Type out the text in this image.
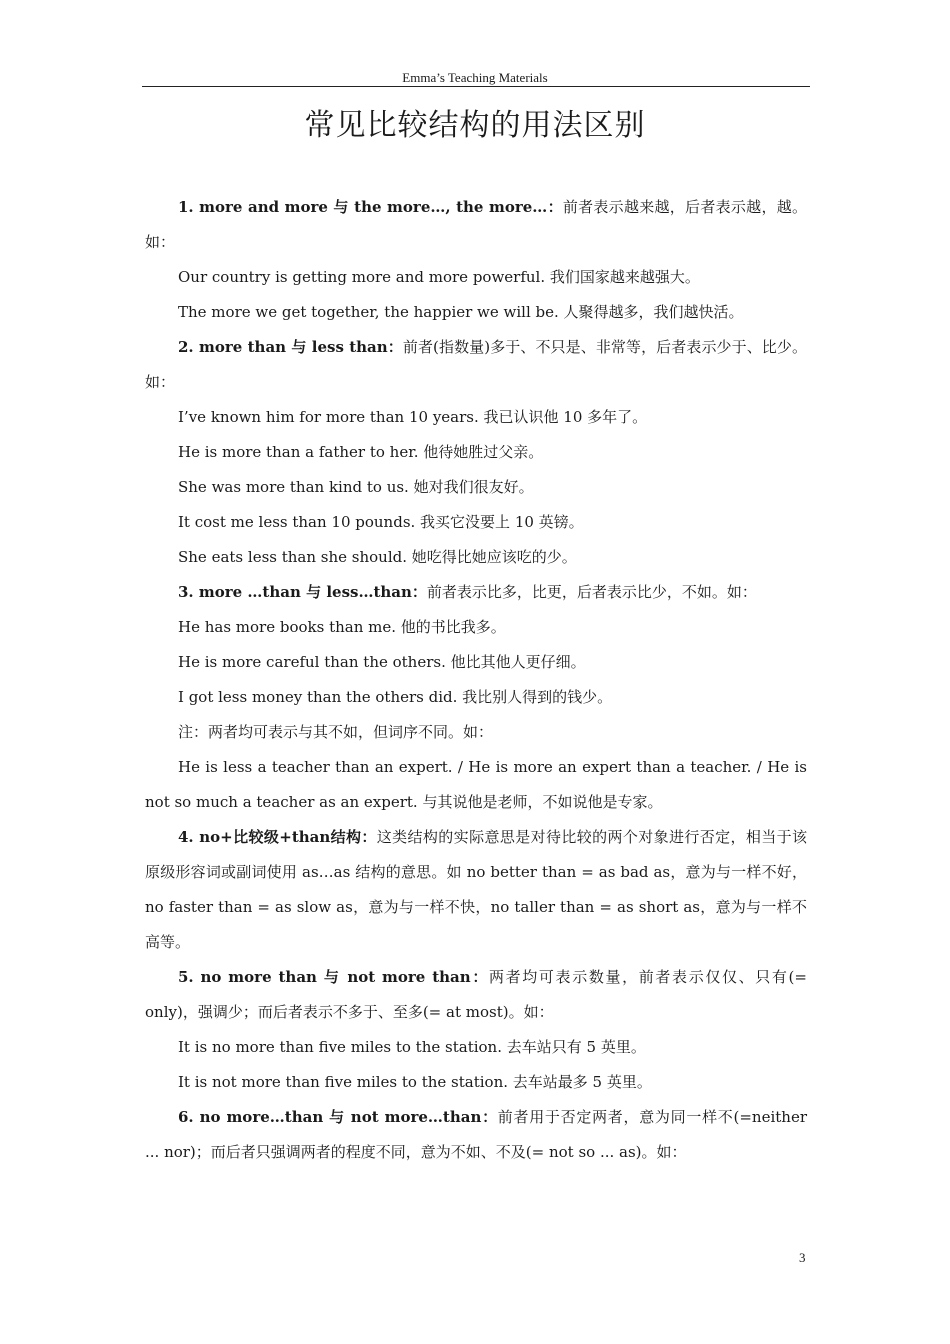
Emma’s Teaching Materials
常见比较结构的用法区别

1. more and more 与 the more…, the more…：前者表示越来越，后者表示越，越。如：

Our country is getting more and more powerful. 我们国家越来越强大。

The more we get together, the happier we will be. 人聚得越多，我们越快活。

2. more than 与 less than：前者(指数量)多于、不只是、非常等，后者表示少于、比少。如：

I’ve known him for more than 10 years. 我已认识他 10 多年了。

He is more than a father to her. 他待她胜过父亲。

She was more than kind to us. 她对我们很友好。

It cost me less than 10 pounds. 我买它没要上 10 英镑。

She eats less than she should. 她吃得比她应该吃的少。

3. more …than 与 less…than：前者表示比多，比更，后者表示比少，不如。如：

He has more books than me. 他的书比我多。

He is more careful than the others. 他比其他人更仔细。

I got less money than the others did. 我比别人得到的钱少。

注：两者均可表示与其不如，但词序不同。如：

He is less a teacher than an expert. / He is more an expert than a teacher. / He is not so much a teacher as an expert. 与其说他是老师，不如说他是专家。

4. no+比较级+than结构：这类结构的实际意思是对待比较的两个对象进行否定，相当于该原级形容词或副词使用 as…as 结构的意思。如 no better than = as bad as，意为与一样不好，no faster than = as slow as，意为与一样不快，no taller than = as short as，意为与一样不高等。

5. no more than 与 not more than：两者均可表示数量，前者表示仅仅、只有(= only)，强调少；而后者表示不多于、至多(= at most)。如：

It is no more than five miles to the station. 去车站只有 5 英里。

It is not more than five miles to the station. 去车站最多 5 英里。

6. no more…than 与 not more…than：前者用于否定两者，意为同一样不(=neither ... nor)；而后者只强调两者的程度不同，意为不如、不及(= not so ... as)。如：

3
